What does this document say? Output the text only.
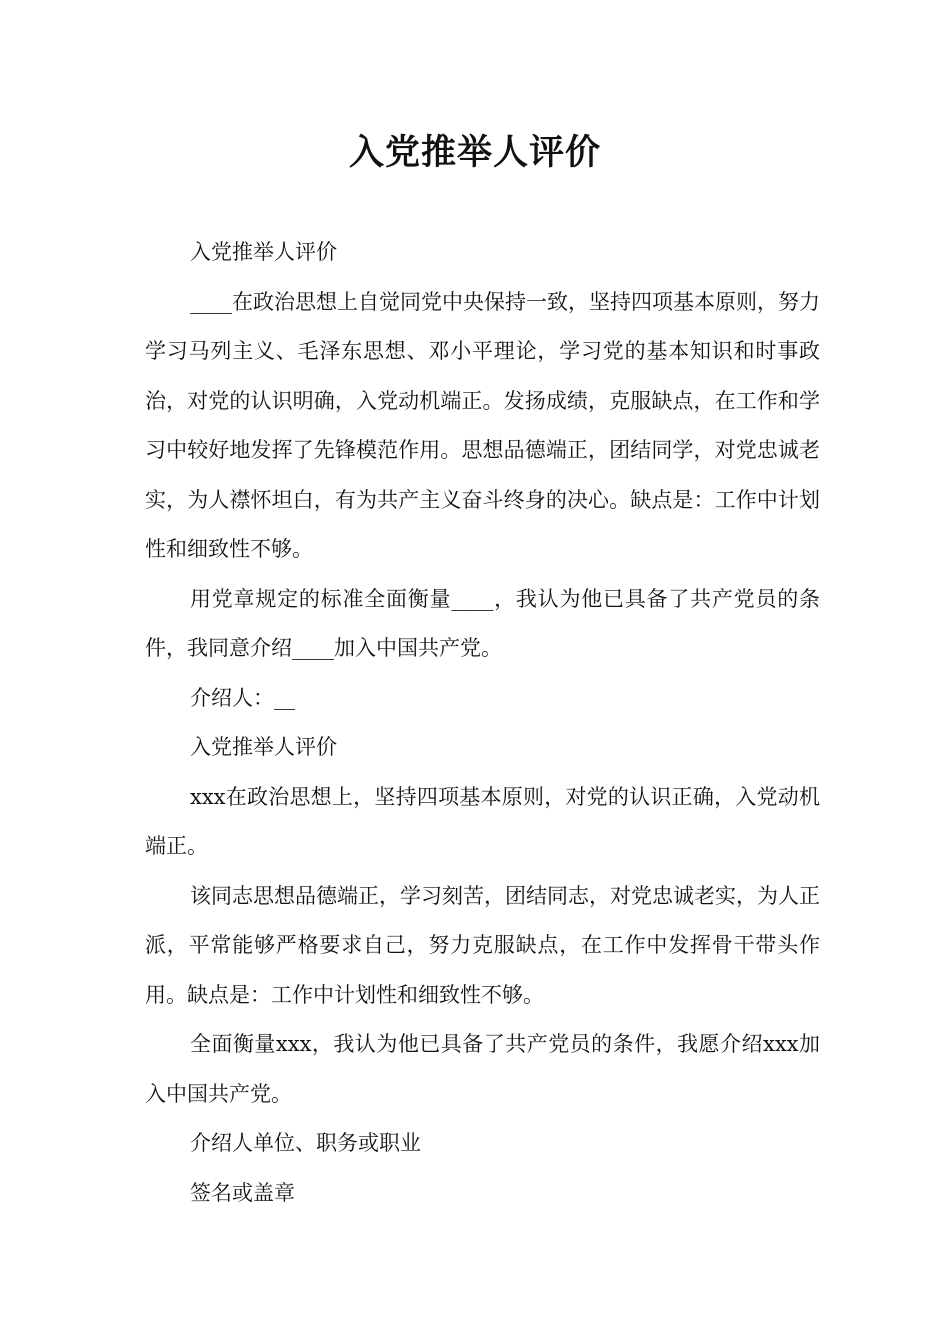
入党推举人评价

入党推举人评价

____在政治思想上自觉同党中央保持一致，坚持四项基本原则，努力学习马列主义、毛泽东思想、邓小平理论，学习党的基本知识和时事政治，对党的认识明确，入党动机端正。发扬成绩，克服缺点，在工作和学习中较好地发挥了先锋模范作用。思想品德端正，团结同学，对党忠诚老实，为人襟怀坦白，有为共产主义奋斗终身的决心。缺点是：工作中计划性和细致性不够。

用党章规定的标准全面衡量____，我认为他已具备了共产党员的条件，我同意介绍____加入中国共产党。

介绍人：__

入党推举人评价

xxx在政治思想上，坚持四项基本原则，对党的认识正确，入党动机端正。

该同志思想品德端正，学习刻苦，团结同志，对党忠诚老实，为人正派，平常能够严格要求自己，努力克服缺点，在工作中发挥骨干带头作用。缺点是：工作中计划性和细致性不够。

全面衡量xxx，我认为他已具备了共产党员的条件，我愿介绍xxx加入中国共产党。

介绍人单位、职务或职业

签名或盖章
